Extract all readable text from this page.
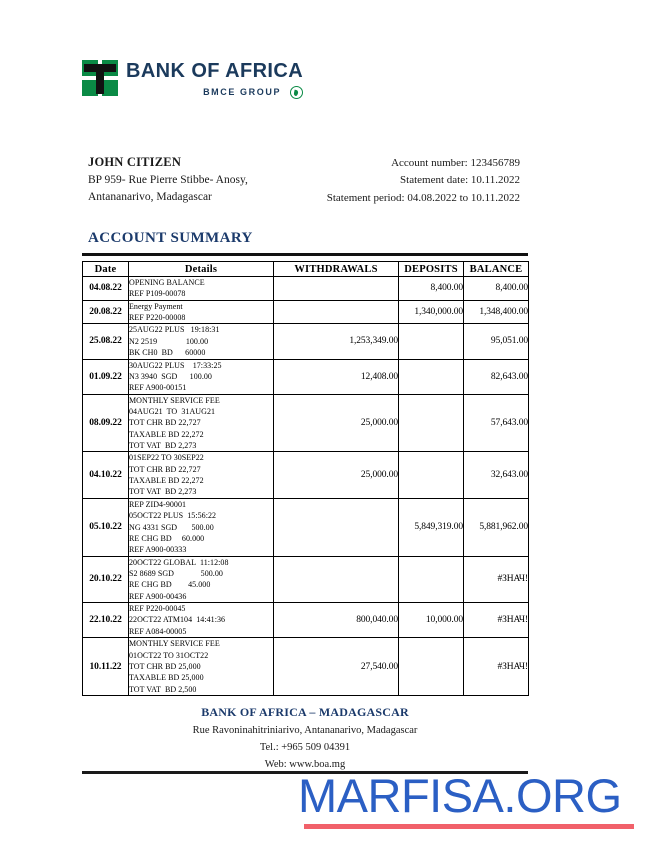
BANK OF AFRICA
BMCE GROUP
JOHN CITIZEN
BP 959- Rue Pierre Stibbe- Anosy,
Antananarivo, Madagascar
Account number: 123456789
Statement date: 10.11.2022
Statement period: 04.08.2022 to 10.11.2022
ACCOUNT SUMMARY
Date	Details	WITHDRAWALS	DEPOSITS	BALANCE
04.08.22	OPENING BALANCE
REF P109-00078		8,400.00	8,400.00
20.08.22	Energy Payment
REF P220-00008		1,340,000.00	1,348,400.00
25.08.22	25AUG22 PLUS   19:18:31
N2 2519              100.00
BK CH0  BD      60000	1,253,349.00		95,051.00
01.09.22	30AUG22 PLUS    17:33:25
N3 3940  SGD      100.00
REF A900-00151	12,408.00		82,643.00
08.09.22	MONTHLY SERVICE FEE
04AUG21  TO  31AUG21
TOT CHR BD 22,727
TAXABLE BD 22,272
TOT VAT  BD 2,273	25,000.00		57,643.00
04.10.22	01SEP22 TO 30SEP22
TOT CHR BD 22,727
TAXABLE BD 22,272
TOT VAT  BD 2,273	25,000.00		32,643.00
05.10.22	REP ZID4-90001
05OCT22 PLUS  15:56:22
NG 4331 SGD       500.00
RE CHG BD     60.000
REF A900-00333		5,849,319.00	5,881,962.00
20.10.22	20OCT22 GLOBAL  11:12:08
S2 8689 SGD             500.00
RE CHG BD        45.000
REF A900-00436			#ЗНАЧ!
22.10.22	REF P220-00045
22OCT22 ATM104  14:41:36
REF A084-00005	800,040.00	10,000.00	#ЗНАЧ!
10.11.22	MONTHLY SERVICE FEE
01OCT22 TO 31OCT22
TOT CHR BD 25,000
TAXABLE BD 25,000
TOT VAT  BD 2,500	27,540.00		#ЗНАЧ!
BANK OF AFRICA – MADAGASCAR
Rue Ravoninahitriniarivo, Antananarivo, Madagascar
Tel.: +965 509 04391
Web: www.boa.mg
MARFISA.ORG
